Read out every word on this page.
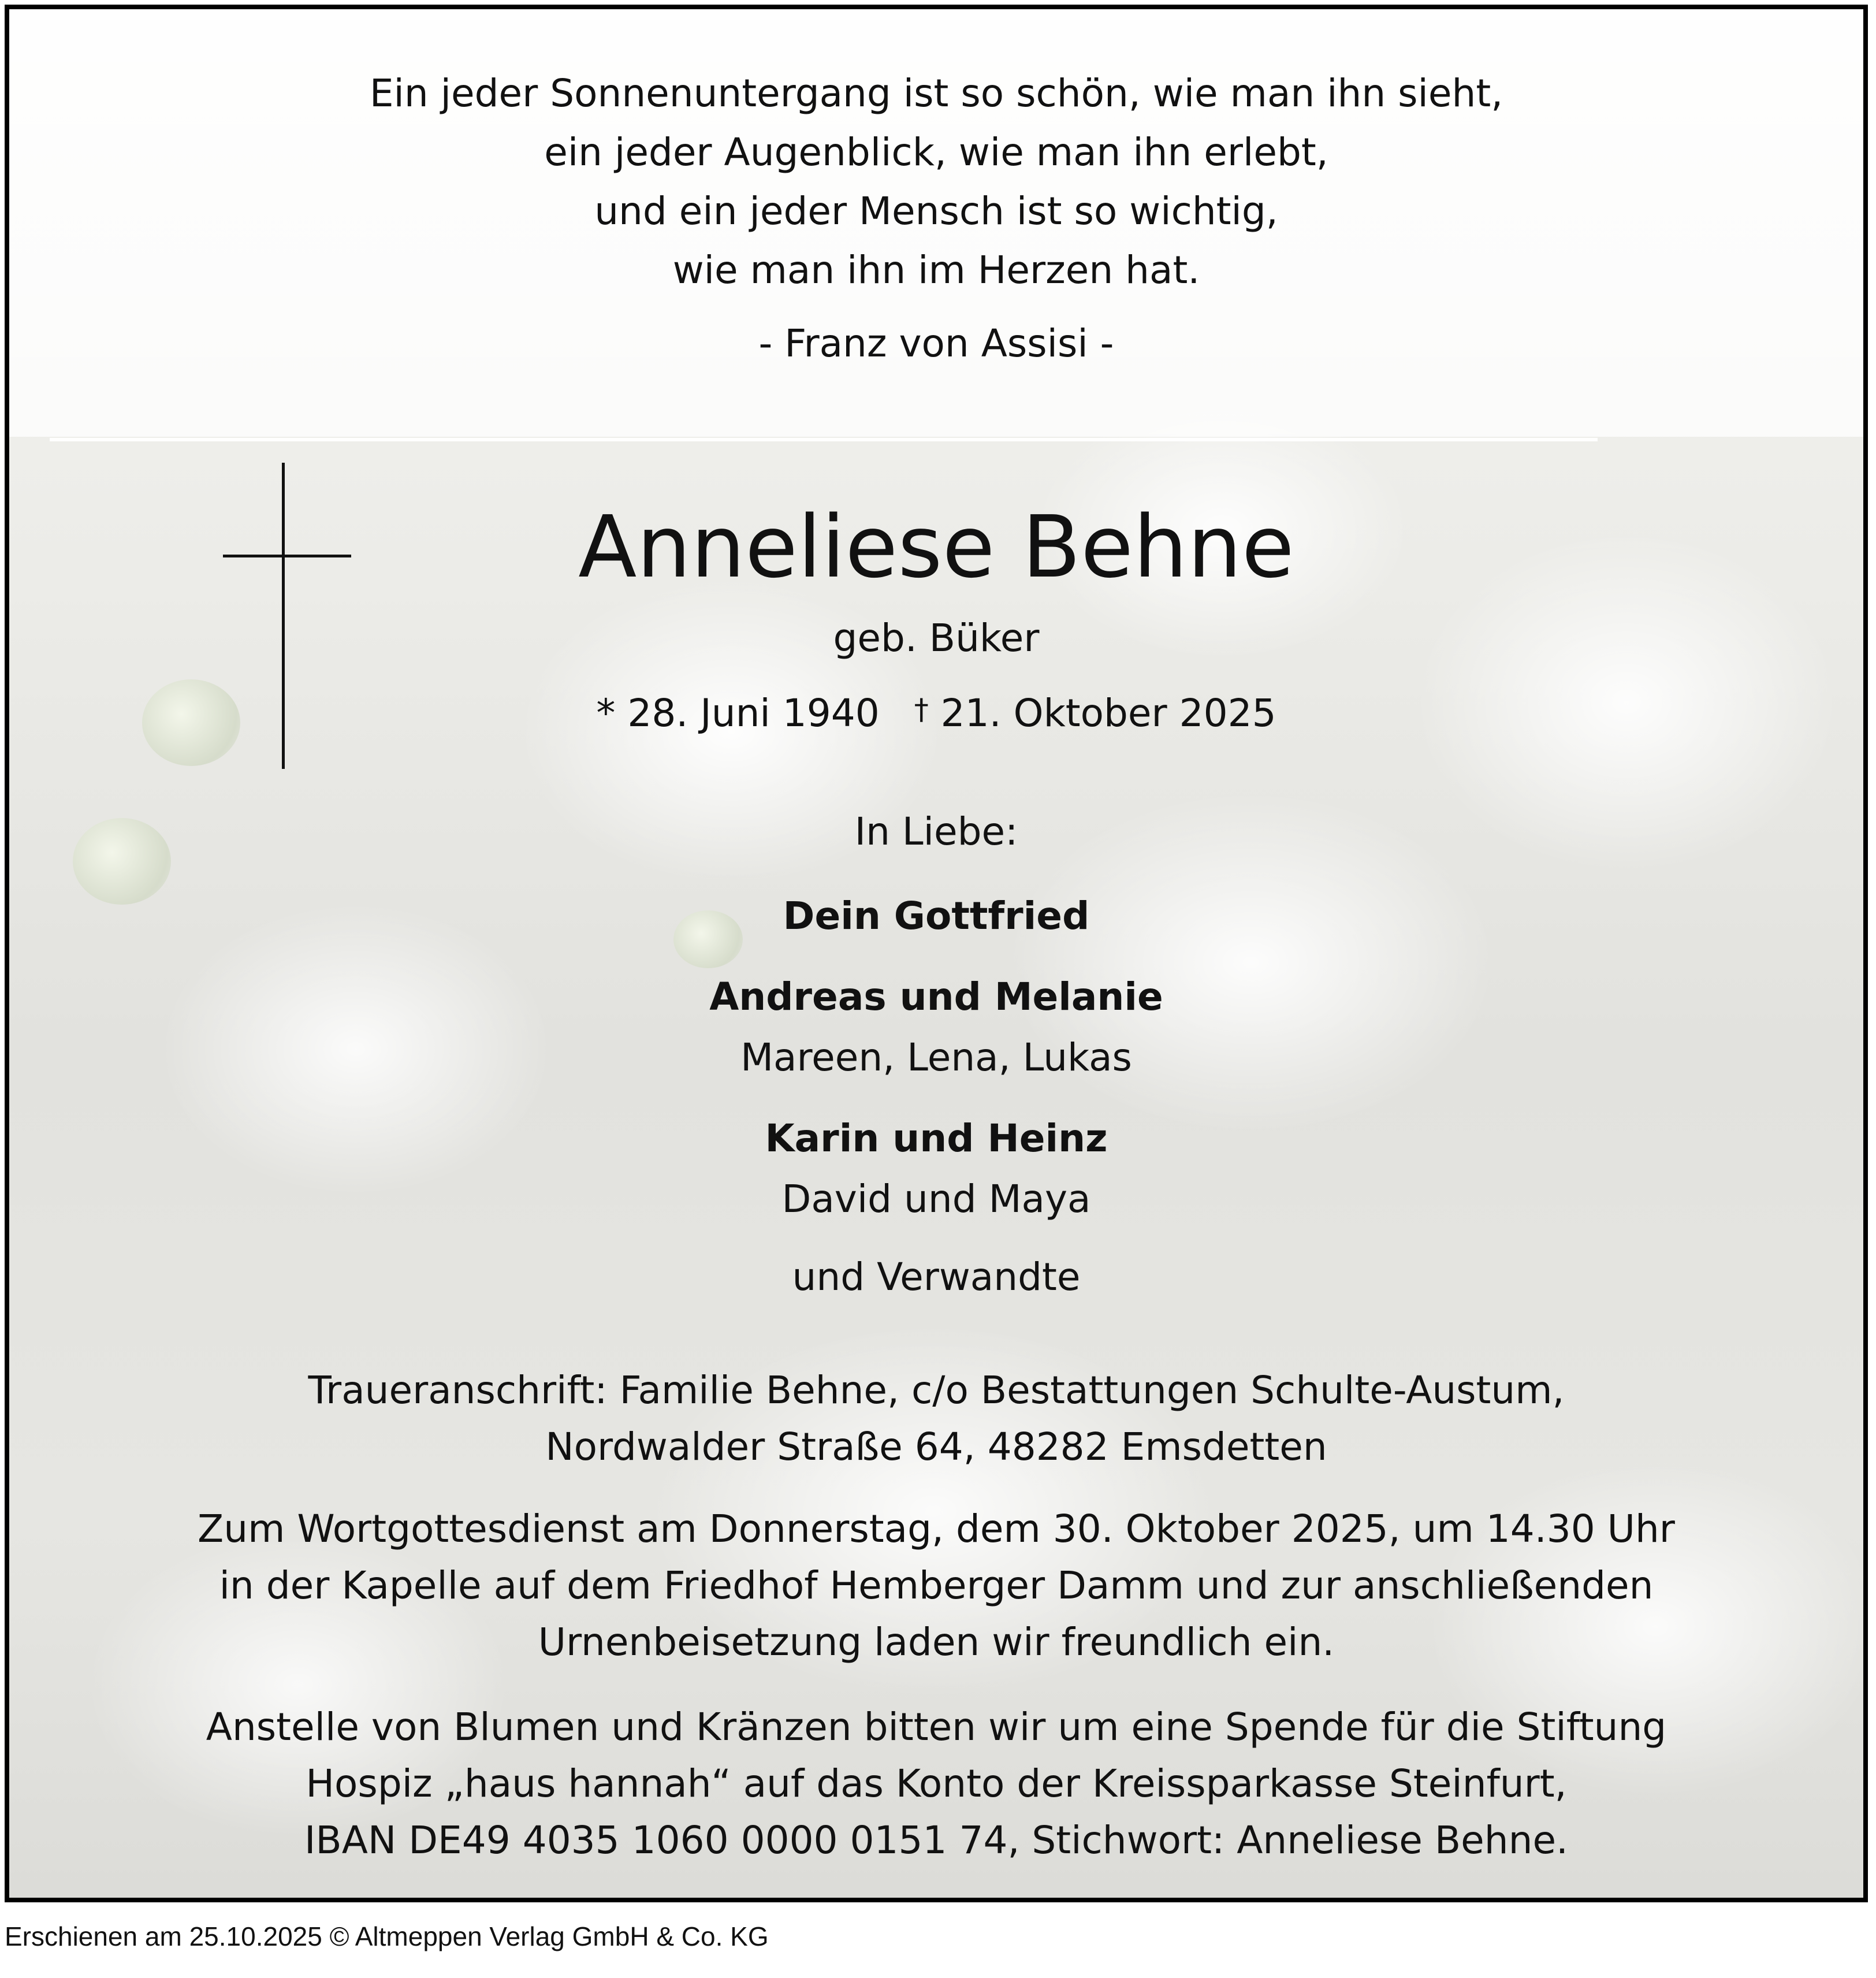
Ein jeder Sonnenuntergang ist so schön, wie man ihn sieht,
ein jeder Augenblick, wie man ihn erlebt,
und ein jeder Mensch ist so wichtig,
wie man ihn im Herzen hat.
- Franz von Assisi -
Anneliese Behne
geb. Büker
* 28. Juni 1940 † 21. Oktober 2025
In Liebe:
Dein Gottfried
Andreas und Melanie
Mareen, Lena, Lukas
Karin und Heinz
David und Maya
und Verwandte
Traueranschrift: Familie Behne, c/o Bestattungen Schulte-Austum,
Nordwalder Straße 64, 48282 Emsdetten
Zum Wortgottesdienst am Donnerstag, dem 30. Oktober 2025, um 14.30 Uhr
in der Kapelle auf dem Friedhof Hemberger Damm und zur anschließenden
Urnenbeisetzung laden wir freundlich ein.
Anstelle von Blumen und Kränzen bitten wir um eine Spende für die Stiftung
Hospiz „haus hannah“ auf das Konto der Kreissparkasse Steinfurt,
IBAN DE49 4035 1060 0000 0151 74, Stichwort: Anneliese Behne.
Erschienen am 25.10.2025 © Altmeppen Verlag GmbH & Co. KG
